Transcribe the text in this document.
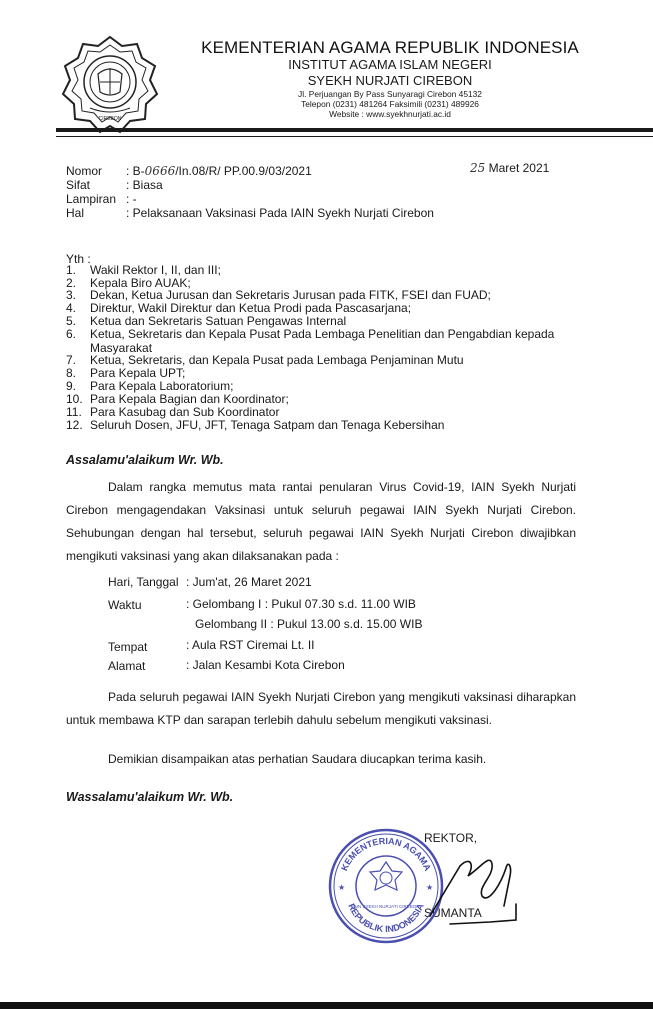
CIREBON
KEMENTERIAN AGAMA REPUBLIK INDONESIA
INSTITUT AGAMA ISLAM NEGERI
SYEKH NURJATI CIREBON
Jl. Perjuangan By Pass Sunyaragi Cirebon 45132
Telepon (0231) 481264 Faksimili (0231) 489926
Website : www.syekhnurjati.ac.id
Nomor	: B- 0666 /In.08/R/ PP.00.9/03/2021	25 Maret 2021
Sifat	: Biasa
Lampiran : -
Hal	: Pelaksanaan Vaksinasi Pada IAIN Syekh Nurjati Cirebon
Yth :
1.	Wakil Rektor I, II, dan III;
2.	Kepala Biro AUAK;
3.	Dekan, Ketua Jurusan dan Sekretaris Jurusan pada FITK, FSEI dan FUAD;
4.	Direktur, Wakil Direktur dan Ketua Prodi pada Pascasarjana;
5.	Ketua dan Sekretaris Satuan Pengawas Internal
6.	Ketua, Sekretaris dan Kepala Pusat Pada Lembaga Penelitian dan Pengabdian kepada Masyarakat
7.	Ketua, Sekretaris, dan Kepala Pusat pada Lembaga Penjaminan Mutu
8.	Para Kepala UPT;
9.	Para Kepala Laboratorium;
10. Para Kepala Bagian dan Koordinator;
11. Para Kasubag dan Sub Koordinator
12. Seluruh Dosen, JFU, JFT, Tenaga Satpam dan Tenaga Kebersihan
Assalamu'alaikum Wr. Wb.
Dalam rangka memutus mata rantai penularan Virus Covid-19, IAIN Syekh Nurjati Cirebon mengagendakan Vaksinasi untuk seluruh pegawai IAIN Syekh Nurjati Cirebon. Sehubungan dengan hal tersebut, seluruh pegawai IAIN Syekh Nurjati Cirebon diwajibkan mengikuti vaksinasi yang akan dilaksanakan pada :
Hari, Tanggal : Jum'at, 26 Maret 2021
Waktu	: Gelombang I : Pukul 07.30 s.d. 11.00 WIB
Gelombang II : Pukul 13.00 s.d. 15.00 WIB
Tempat	: Aula RST Ciremai Lt. II
Alamat	: Jalan Kesambi Kota Cirebon
Pada seluruh pegawai IAIN Syekh Nurjati Cirebon yang mengikuti vaksinasi diharapkan untuk membawa KTP dan sarapan terlebih dahulu sebelum mengikuti vaksinasi.
Demikian disampaikan atas perhatian Saudara diucapkan terima kasih.
Wassalamu'alaikum Wr. Wb.
REKTOR,
SUMANTA
KEMENTERIAN AGAMA
REPUBLIK INDONESIA
IAIN SYEKH NURJATI CIREBON
★	★
